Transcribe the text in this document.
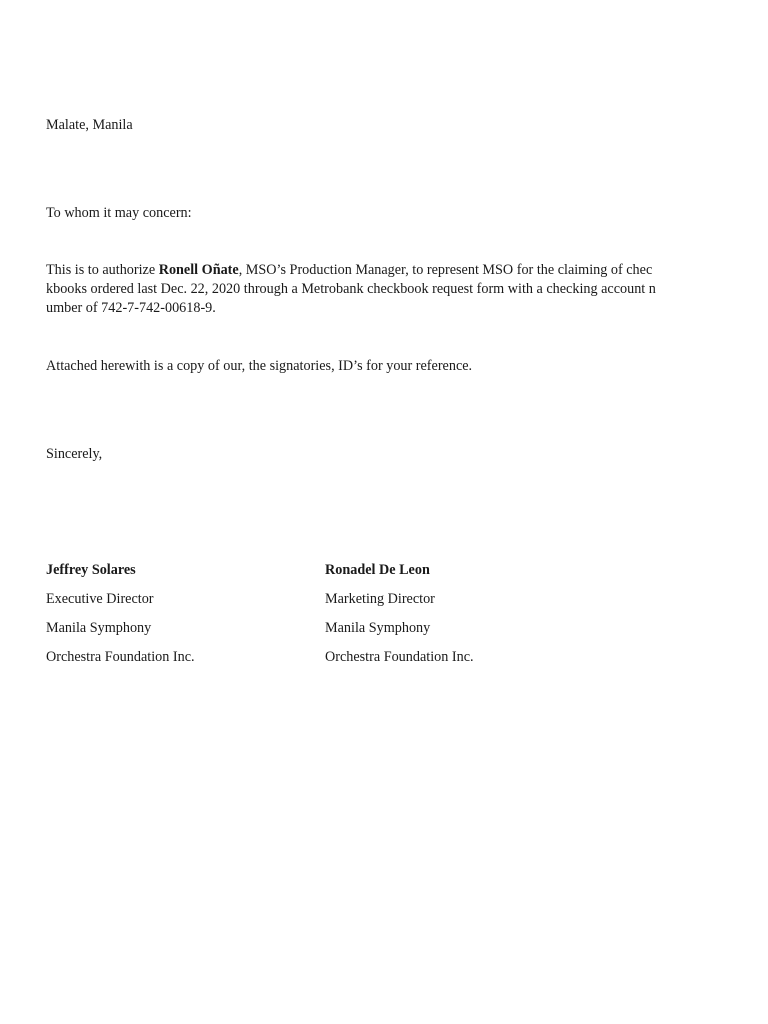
Malate, Manila
To whom it may concern:
This is to authorize Ronell Oñate, MSO’s Production Manager, to represent MSO for the claiming of chec
kbooks ordered last Dec. 22, 2020 through a Metrobank checkbook request form with a checking account n
umber of 742-7-742-00618-9.
Attached herewith is a copy of our, the signatories, ID’s for your reference.
Sincerely,
Jeffrey Solares
Executive Director
Manila Symphony
Orchestra Foundation Inc.
Ronadel De Leon
Marketing Director
Manila Symphony
Orchestra Foundation Inc.
